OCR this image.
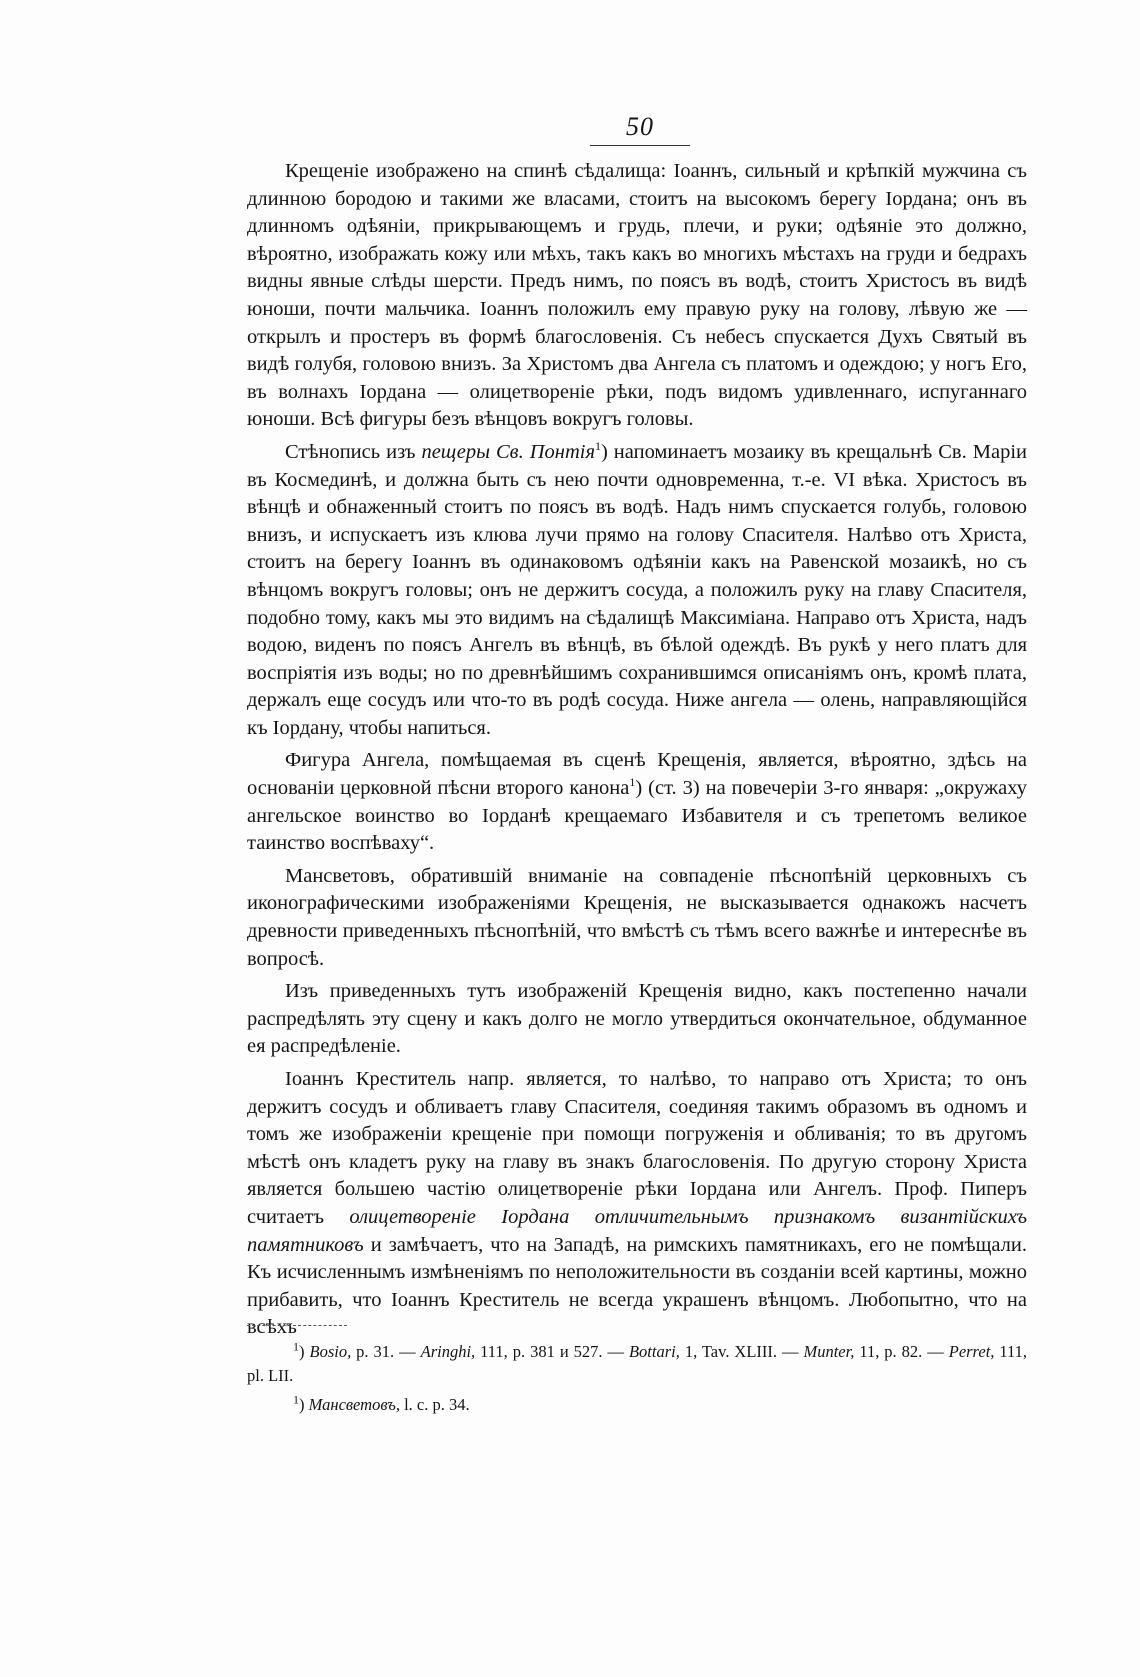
50

Крещеніе изображено на спинѣ сѣдалища: Іоаннъ, сильный и крѣпкій мужчина съ длинною бородою и такими же власами, стоитъ на высокомъ берегу Іордана; онъ въ длинномъ одѣяніи, прикрывающемъ и грудь, плечи, и руки; одѣяніе это должно, вѣроятно, изображать кожу или мѣхъ, такъ какъ во многихъ мѣстахъ на груди и бедрахъ видны явные слѣды шерсти. Предъ нимъ, по поясъ въ водѣ, стоитъ Христосъ въ видѣ юноши, почти мальчика. Іоаннъ положилъ ему правую руку на голову, лѣвую же — открылъ и простеръ въ формѣ благословенія. Съ небесъ спускается Духъ Святый въ видѣ голубя, головою внизъ. За Христомъ два Ангела съ платомъ и одеждою; у ногъ Его, въ волнахъ Іордана — олицетвореніе рѣки, подъ видомъ удивленнаго, испуганнаго юноши. Всѣ фигуры безъ вѣнцовъ вокругъ головы.

Стѣнопись изъ пещеры Св. Понтія$^1$) напоминаетъ мозаику въ крещальнѣ Св. Маріи въ Космединѣ, и должна быть съ нею почти одновременна, т.-е. VI вѣка. Христосъ въ вѣнцѣ и обнаженный стоитъ по поясъ въ водѣ. Надъ нимъ спускается голубь, головою внизъ, и испускаетъ изъ клюва лучи прямо на голову Спасителя. Налѣво отъ Христа, стоитъ на берегу Іоаннъ въ одинаковомъ одѣяніи какъ на Равенской мозаикѣ, но съ вѣнцомъ вокругъ головы; онъ не держитъ сосуда, а положилъ руку на главу Спасителя, подобно тому, какъ мы это видимъ на сѣдалищѣ Максиміана. Направо отъ Христа, надъ водою, виденъ по поясъ Ангелъ въ вѣнцѣ, въ бѣлой одеждѣ. Въ рукѣ у него платъ для воспріятія изъ воды; но по древнѣйшимъ сохранившимся описаніямъ онъ, кромѣ плата, держалъ еще сосудъ или что-то въ родѣ сосуда. Ниже ангела — олень, направляющійся къ Іордану, чтобы напиться.

Фигура Ангела, помѣщаемая въ сценѣ Крещенія, является, вѣроятно, здѣсь на основаніи церковной пѣсни второго канона$^1$) (ст. 3) на повечеріи 3-го января: „окружаху ангельское воинство во Іорданѣ крещаемаго Избавителя и съ трепетомъ великое таинство воспѣваху“.

Мансветовъ, обратившій вниманіе на совпаденіе пѣснопѣній церковныхъ съ иконографическими изображеніями Крещенія, не высказывается однакожъ насчетъ древности приведенныхъ пѣснопѣній, что вмѣстѣ съ тѣмъ всего важнѣе и интереснѣе въ вопросѣ.

Изъ приведенныхъ тутъ изображеній Крещенія видно, какъ постепенно начали распредѣлять эту сцену и какъ долго не могло утвердиться окончательное, обдуманное ея распредѣленіе.

Іоаннъ Креститель напр. является, то налѣво, то направо отъ Христа; то онъ держитъ сосудъ и обливаетъ главу Спасителя, соединяя такимъ образомъ въ одномъ и томъ же изображеніи крещеніе при помощи погруженія и обливанія; то въ другомъ мѣстѣ онъ кладетъ руку на главу въ знакъ благословенія. По другую сторону Христа является большею частію олицетвореніе рѣки Іордана или Ангелъ. Проф. Пиперъ считаетъ олицетвореніе Іордана отличительнымъ признакомъ византійскихъ памятниковъ и замѣчаетъ, что на Западѣ, на римскихъ памятникахъ, его не помѣщали. Къ исчисленнымъ измѣненіямъ по неположительности въ созданіи всей картины, можно прибавить, что Іоаннъ Креститель не всегда украшенъ вѣнцомъ. Любопытно, что на всѣхъ

$^1$) Bosio, p. 31. — Aringhi, 111, p. 381 и 527. — Bottari, 1, Tav. XLIII. — Munter, 11, p. 82. — Perret, 111, pl. LII.

$^1$) Мансветовъ, l. c. p. 34.
